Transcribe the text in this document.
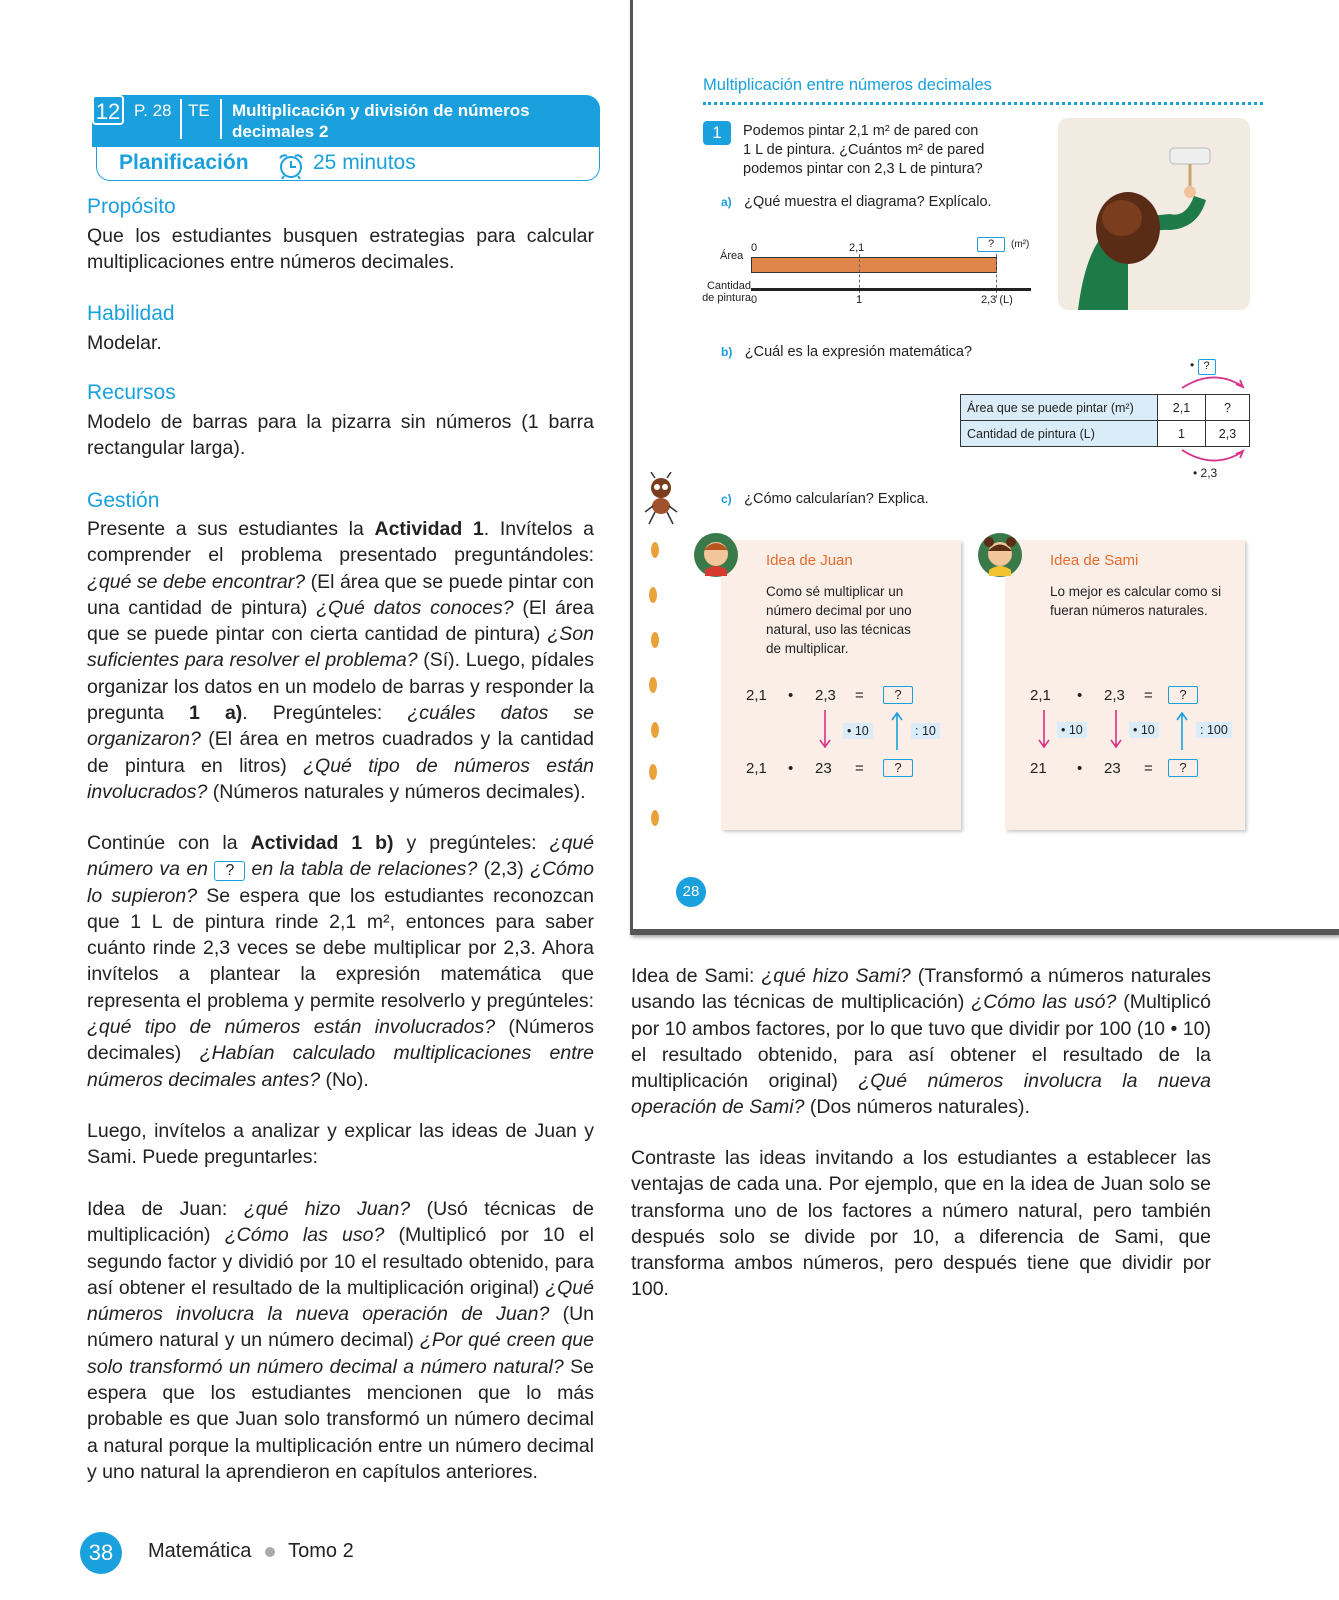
12 P. 28 TE Multiplicación y división de números decimales 2
Planificación	25 minutos
Propósito
Que los estudiantes busquen estrategias para calcular multiplicaciones entre números decimales.
Habilidad
Modelar.
Recursos
Modelo de barras para la pizarra sin números (1 barra rectangular larga).
Gestión
Presente a sus estudiantes la Actividad 1. Invítelos a comprender el problema presentado preguntándoles: ¿qué se debe encontrar? (El área que se puede pintar con una cantidad de pintura) ¿Qué datos conoces? (El área que se puede pintar con cierta cantidad de pintura) ¿Son suficientes para resolver el problema? (Sí). Luego, pídales organizar los datos en un modelo de barras y responder la pregunta 1 a). Pregúnteles: ¿cuáles datos se organizaron? (El área en metros cuadrados y la cantidad de pintura en litros) ¿Qué tipo de números están involucrados? (Números naturales y números decimales).
Continúe con la Actividad 1 b) y pregúnteles: ¿qué número va en ? en la tabla de relaciones? (2,3) ¿Cómo lo supieron? Se espera que los estudiantes reconozcan que 1 L de pintura rinde 2,1 m², entonces para saber cuánto rinde 2,3 veces se debe multiplicar por 2,3. Ahora invítelos a plantear la expresión matemática que representa el problema y permite resolverlo y pregúnteles: ¿qué tipo de números están involucrados? (Números decimales) ¿Habían calculado multiplicaciones entre números decimales antes? (No).
Luego, invítelos a analizar y explicar las ideas de Juan y Sami. Puede preguntarles:
Idea de Juan: ¿qué hizo Juan? (Usó técnicas de multiplicación) ¿Cómo las uso? (Multiplicó por 10 el segundo factor y dividió por 10 el resultado obtenido, para así obtener el resultado de la multiplicación original) ¿Qué números involucra la nueva operación de Juan? (Un número natural y un número decimal) ¿Por qué creen que solo transformó un número decimal a número natural? Se espera que los estudiantes mencionen que lo más probable es que Juan solo transformó un número decimal a natural porque la multiplicación entre un número decimal y uno natural la aprendieron en capítulos anteriores.
Multiplicación entre números decimales
1	Podemos pintar 2,1 m² de pared con
1 L de pintura. ¿Cuántos m² de pared
podemos pintar con 2,3 L de pintura?
a) ¿Qué muestra el diagrama? Explícalo.
Área
Cantidad
de pintura
0	2,1	?	(m²)
0	1	2,3 (L)
b) ¿Cuál es la expresión matemática?
• ?
Área que se puede pintar (m²)	2,1	?
Cantidad de pintura (L)	1	2,3
• 2,3
c) ¿Cómo calcularían? Explica.
Idea de Juan
Como sé multiplicar un
número decimal por uno
natural, uso las técnicas
de multiplicar.
2,1 • 2,3 =	?
• 10	: 10
2,1 • 23 =	?
Idea de Sami
Lo mejor es calcular como si
fueran números naturales.
2,1 • 2,3 =	?
• 10	• 10	: 100
21 • 23 =	?
28
Idea de Sami: ¿qué hizo Sami? (Transformó a números naturales usando las técnicas de multiplicación) ¿Cómo las usó? (Multiplicó por 10 ambos factores, por lo que tuvo que dividir por 100 (10 • 10) el resultado obtenido, para así obtener el resultado de la multiplicación original) ¿Qué números involucra la nueva operación de Sami? (Dos números naturales).
Contraste las ideas invitando a los estudiantes a establecer las ventajas de cada una. Por ejemplo, que en la idea de Juan solo se transforma uno de los factores a número natural, pero también después solo se divide por 10, a diferencia de Sami, que transforma ambos números, pero después tiene que dividir por 100.
38	Matemática Tomo 2
